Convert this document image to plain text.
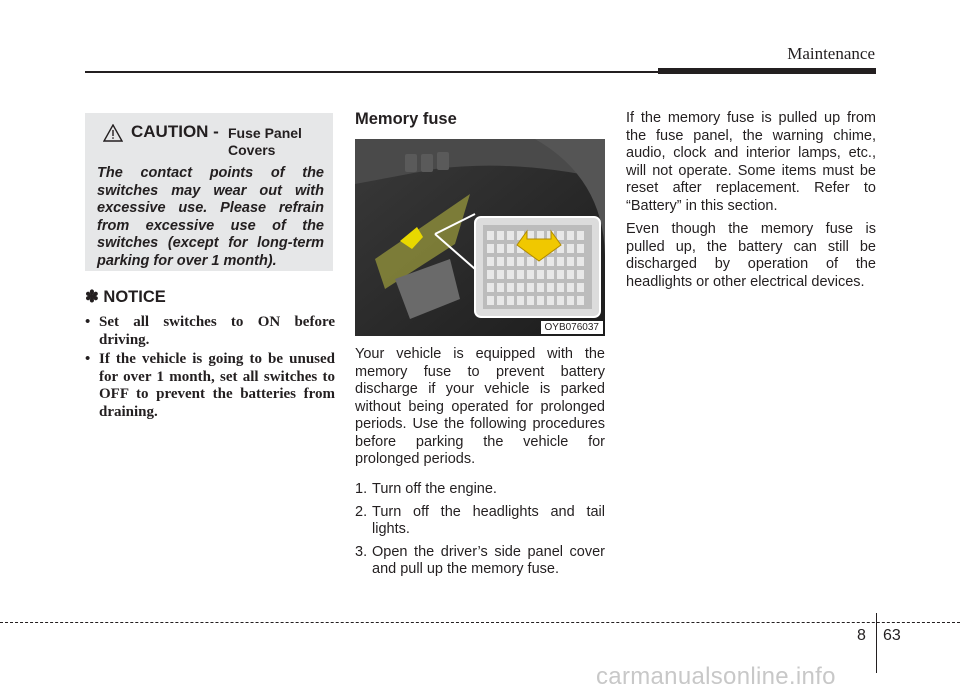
Maintenance
CAUTION - Fuse Panel
Covers

The contact points of the switches may wear out with excessive use. Please refrain from excessive use of the switches (except for long-term parking for over 1 month).

✽ NOTICE
• Set all switches to ON before driving.
• If the vehicle is going to be unused for over 1 month, set all switches to OFF to prevent the batteries from draining.
Memory fuse
OYB076037

Your vehicle is equipped with the memory fuse to prevent battery discharge if your vehicle is parked without being operated for prolonged periods. Use the following procedures before parking the vehicle for prolonged periods.

1. Turn off the engine.
2. Turn off the headlights and tail lights.
3. Open the driver’s side panel cover and pull up the memory fuse.

If the memory fuse is pulled up from the fuse panel, the warning chime, audio, clock and interior lamps, etc., will not operate. Some items must be reset after replacement. Refer to “Battery” in this section.

Even though the memory fuse is pulled up, the battery can still be discharged by operation of the headlights or other electrical devices.

8 63
carmanualsonline.info
